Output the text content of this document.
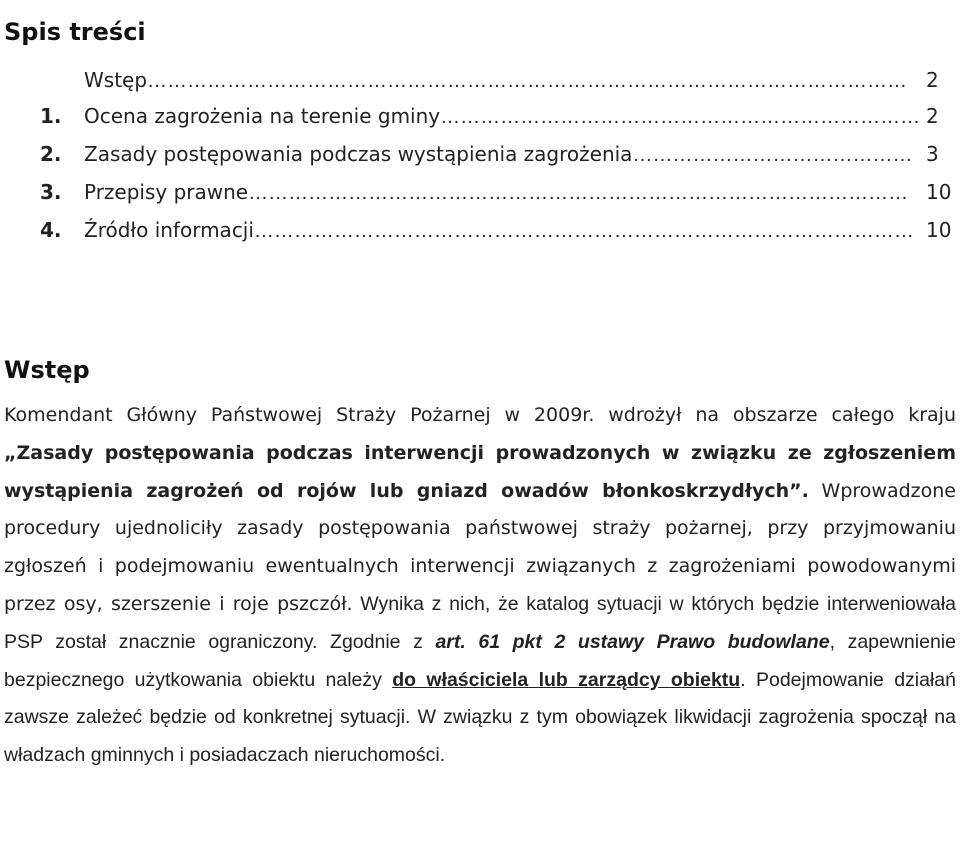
Spis treści
Wstęp…………………………………………………………………………………………………… 2
1. Ocena zagrożenia na terenie gminy……………………………………………………………… 2
2. Zasady postępowania podczas wystąpienia zagrożenia…………………………………… 3
3. Przepisy prawne……………………………………………………………………………………… 10
4. Źródło informacji……………………………………………………………………………………… 10
Wstęp

Komendant Główny Państwowej Straży Pożarnej w 2009r. wdrożył na obszarze całego kraju „Zasady postępowania podczas interwencji prowadzonych w związku ze zgłoszeniem wystąpienia zagrożeń od rojów lub gniazd owadów błonkoskrzydłych”. Wprowadzone procedury ujednoliciły zasady postępowania państwowej straży pożarnej, przy przyjmowaniu zgłoszeń i podejmowaniu ewentualnych interwencji związanych z zagrożeniami powodowanymi przez osy, szerszenie i roje pszczół. Wynika z nich, że katalog sytuacji w których będzie interweniowała PSP został znacznie ograniczony. Zgodnie z art. 61 pkt 2 ustawy Prawo budowlane, zapewnienie bezpiecznego użytkowania obiektu należy do właściciela lub zarządcy obiektu. Podejmowanie działań zawsze zależeć będzie od konkretnej sytuacji. W związku z tym obowiązek likwidacji zagrożenia spoczął na władzach gminnych i posiadaczach nieruchomości.
